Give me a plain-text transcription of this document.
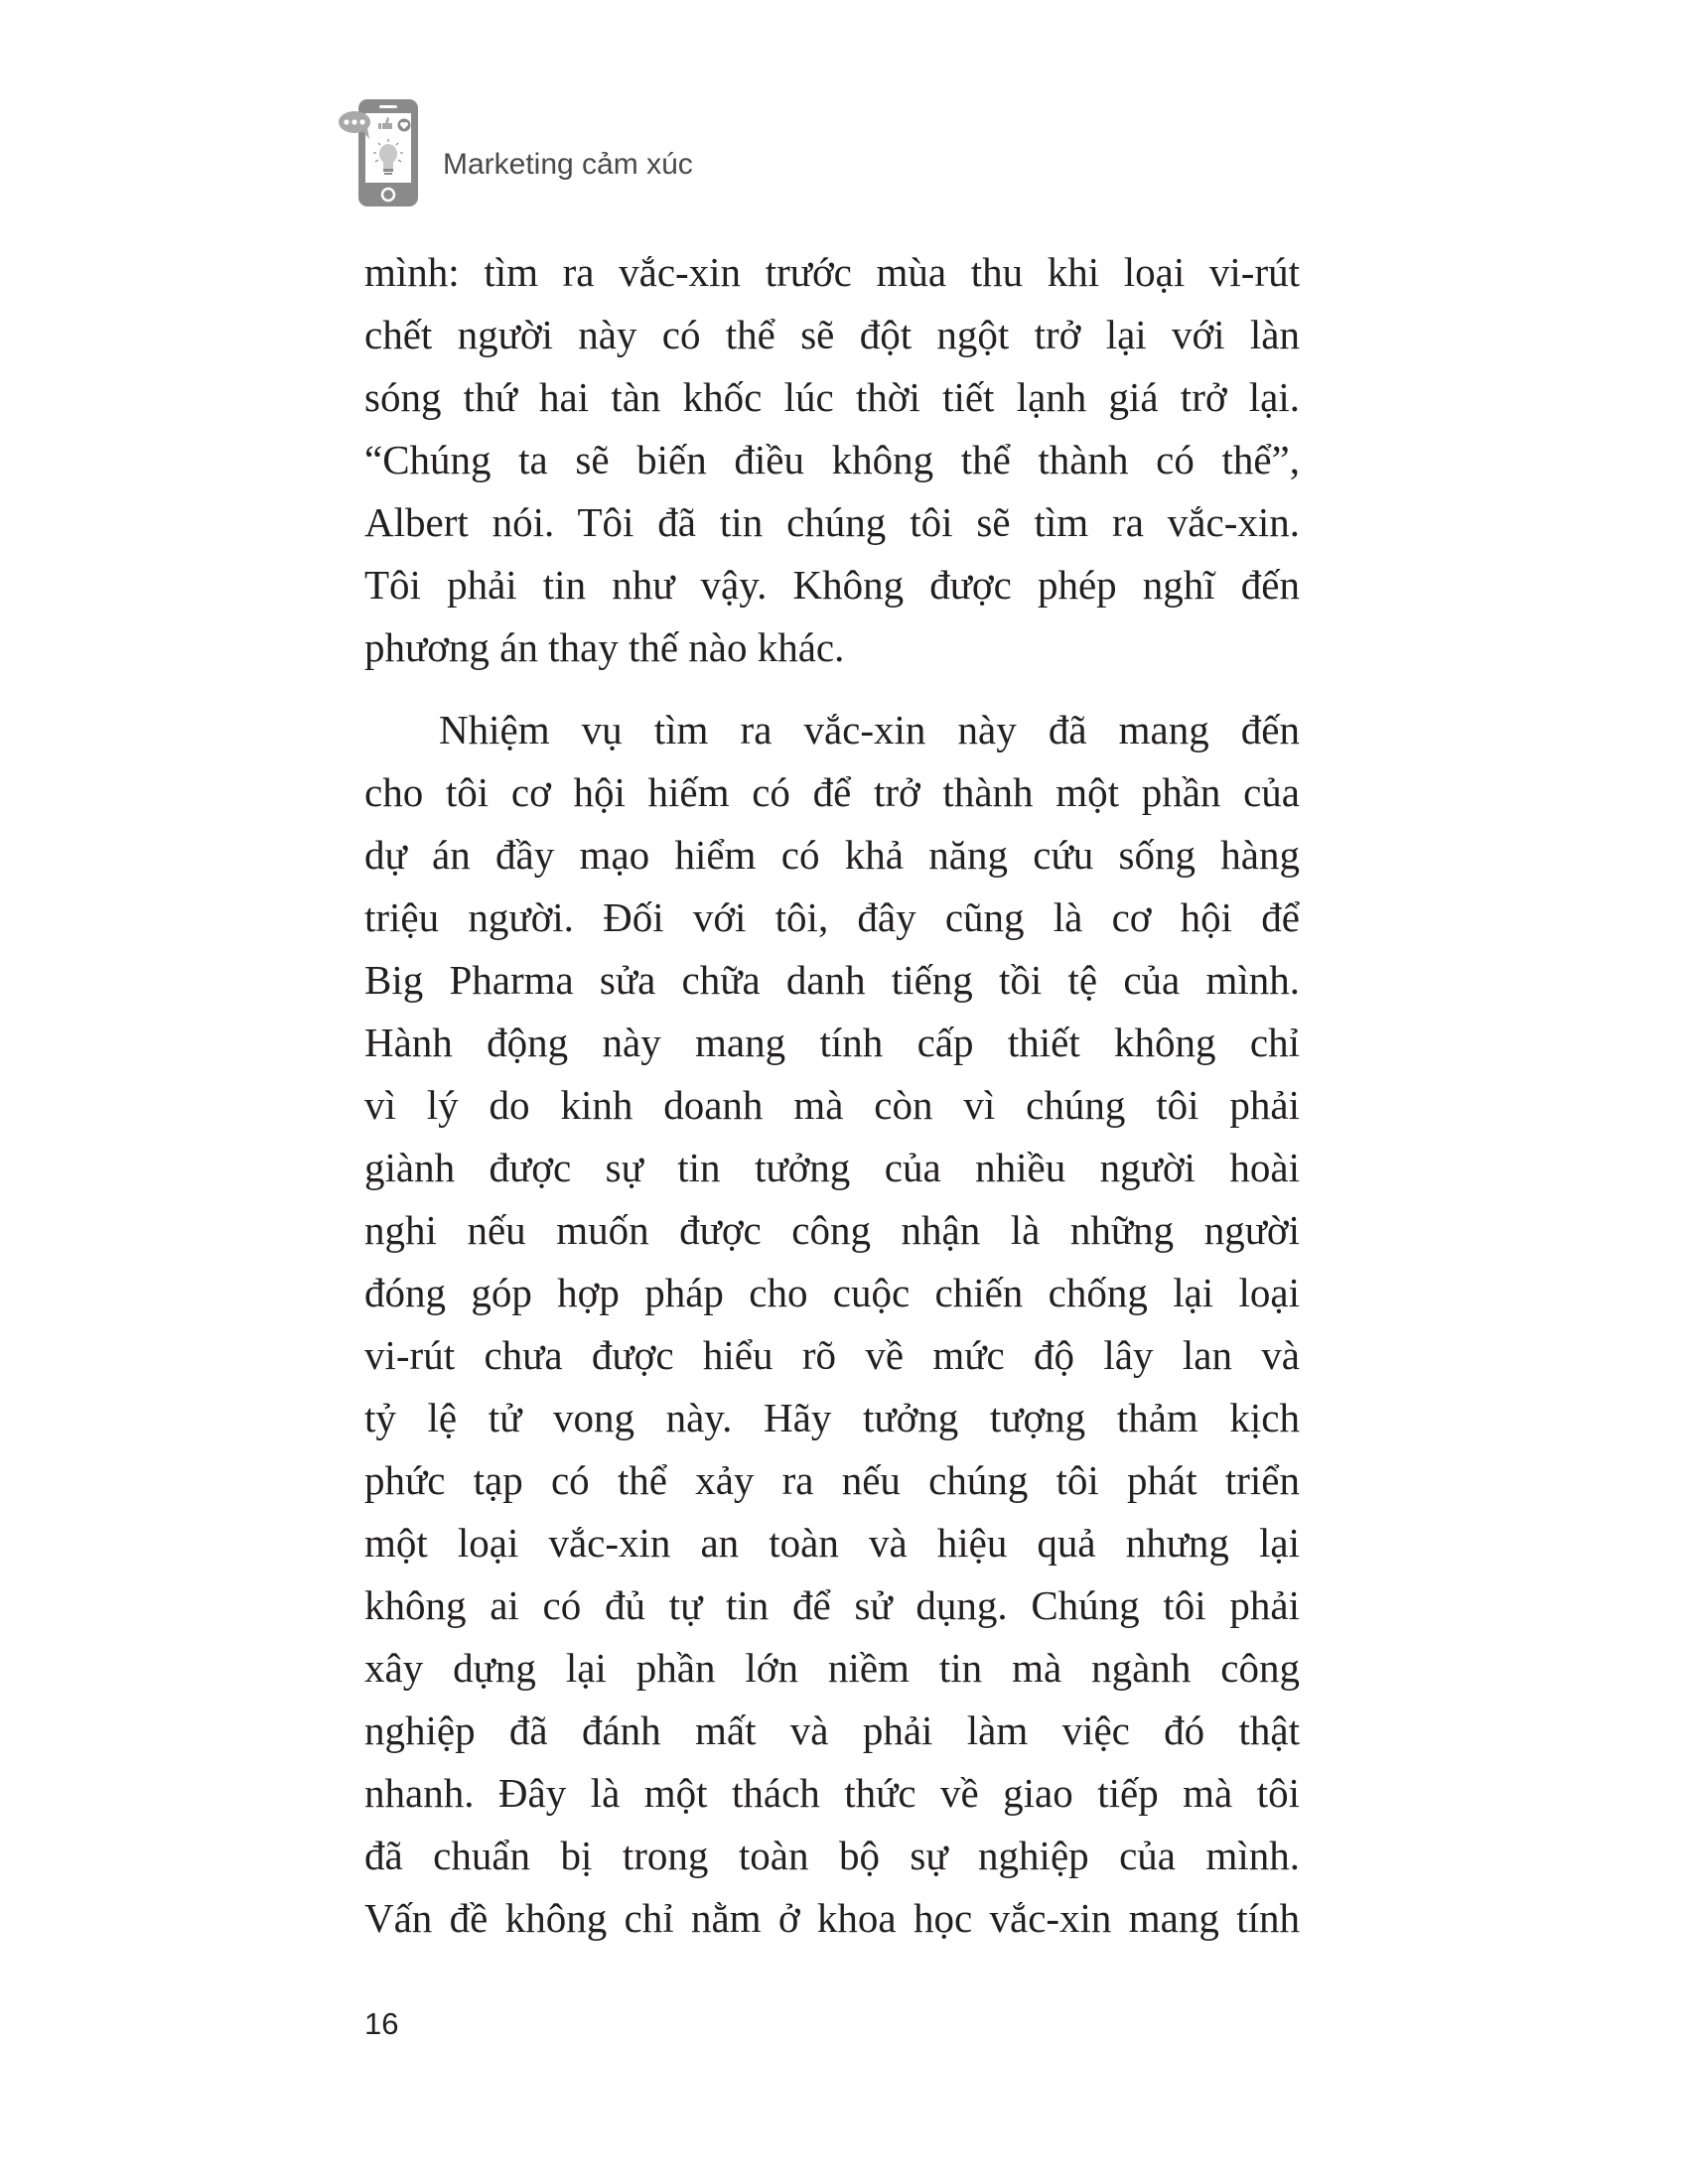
Marketing cảm xúc
mình: tìm ra vắc-xin trước mùa thu khi loại vi-rút
chết người này có thể sẽ đột ngột trở lại với làn
sóng thứ hai tàn khốc lúc thời tiết lạnh giá trở lại.
“Chúng ta sẽ biến điều không thể thành có thể”,
Albert nói. Tôi đã tin chúng tôi sẽ tìm ra vắc-xin.
Tôi phải tin như vậy. Không được phép nghĩ đến
phương án thay thế nào khác.
Nhiệm vụ tìm ra vắc-xin này đã mang đến
cho tôi cơ hội hiếm có để trở thành một phần của
dự án đầy mạo hiểm có khả năng cứu sống hàng
triệu người. Đối với tôi, đây cũng là cơ hội để
Big Pharma sửa chữa danh tiếng tồi tệ của mình.
Hành động này mang tính cấp thiết không chỉ
vì lý do kinh doanh mà còn vì chúng tôi phải
giành được sự tin tưởng của nhiều người hoài
nghi nếu muốn được công nhận là những người
đóng góp hợp pháp cho cuộc chiến chống lại loại
vi-rút chưa được hiểu rõ về mức độ lây lan và
tỷ lệ tử vong này. Hãy tưởng tượng thảm kịch
phức tạp có thể xảy ra nếu chúng tôi phát triển
một loại vắc-xin an toàn và hiệu quả nhưng lại
không ai có đủ tự tin để sử dụng. Chúng tôi phải
xây dựng lại phần lớn niềm tin mà ngành công
nghiệp đã đánh mất và phải làm việc đó thật
nhanh. Đây là một thách thức về giao tiếp mà tôi
đã chuẩn bị trong toàn bộ sự nghiệp của mình.
Vấn đề không chỉ nằm ở khoa học vắc-xin mang tính
16
